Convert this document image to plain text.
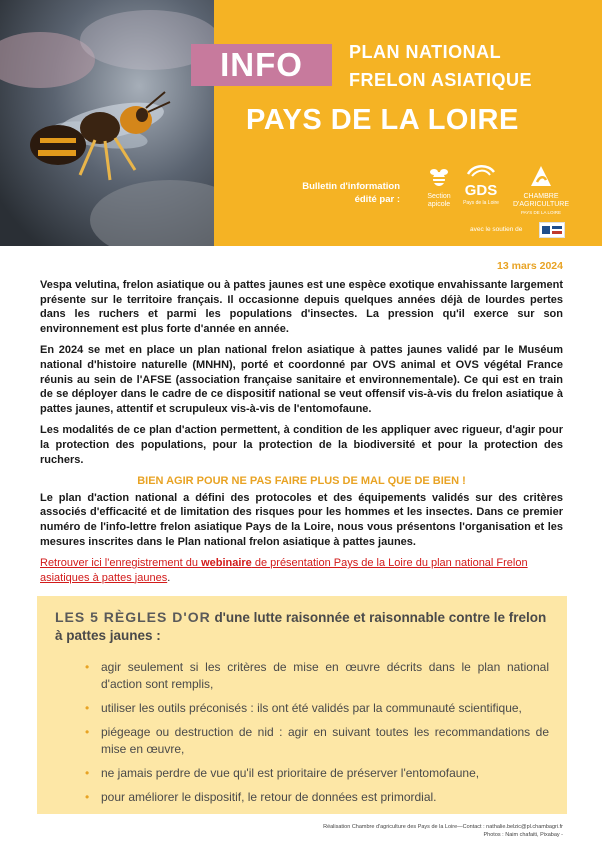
INFO	PLAN NATIONAL
FRELON ASIATIQUE
PAYS DE LA LOIRE
Bulletin d'information
édité par :	Section
apicole
GDS
Pays de la Loire
CHAMBRE
D'AGRICULTURE
PAYS DE LA LOIRE
avec le soutien de
13 mars 2024

Vespa velutina, frelon asiatique ou à pattes jaunes est une espèce exotique envahissante largement présente sur le territoire français. Il occasionne depuis quelques années déjà de lourdes pertes dans les ruchers et parmi les populations d'insectes. La pression qu'il exerce sur son environnement est plus forte d'année en année.

En 2024 se met en place un plan national frelon asiatique à pattes jaunes validé par le Muséum national d'histoire naturelle (MNHN), porté et coordonné par OVS animal et OVS végétal France réunis au sein de l'AFSE (association française sanitaire et environnementale). Ce qui est en train de se déployer dans le cadre de ce dispositif national se veut offensif vis-à-vis du frelon asiatique à pattes jaunes, attentif et scrupuleux vis-à-vis de l'entomofaune.

Les modalités de ce plan d'action permettent, à condition de les appliquer avec rigueur, d'agir pour la protection des populations, pour la protection de la biodiversité et pour la protection des ruchers.

BIEN AGIR POUR NE PAS FAIRE PLUS DE MAL QUE DE BIEN !

Le plan d'action national a défini des protocoles et des équipements validés sur des critères associés d'efficacité et de limitation des risques pour les hommes et les insectes. Dans ce premier numéro de l'info-lettre frelon asiatique Pays de la Loire, nous vous présentons l'organisation et les mesures inscrites dans le Plan national frelon asiatique à pattes jaunes.

Retrouver ici l'enregistrement du webinaire de présentation Pays de la Loire du plan national Frelon asiatiques à pattes jaunes.

LES 5 RÈGLES D'OR d'une lutte raisonnée et raisonnable contre le frelon à pattes jaunes :
• agir seulement si les critères de mise en œuvre décrits dans le plan national d'action sont remplis,
• utiliser les outils préconisés : ils ont été validés par la communauté scientifique,
• piégeage ou destruction de nid : agir en suivant toutes les recommandations de mise en œuvre,
• ne jamais perdre de vue qu'il est prioritaire de préserver l'entomofaune,
• pour améliorer le dispositif, le retour de données est primordial.
Réalisation Chambre d'agriculture des Pays de la Loire—Contact : nathalie.belzic@pl.chambagri.fr
Photos : Naim chafaiti, Pixabay -
